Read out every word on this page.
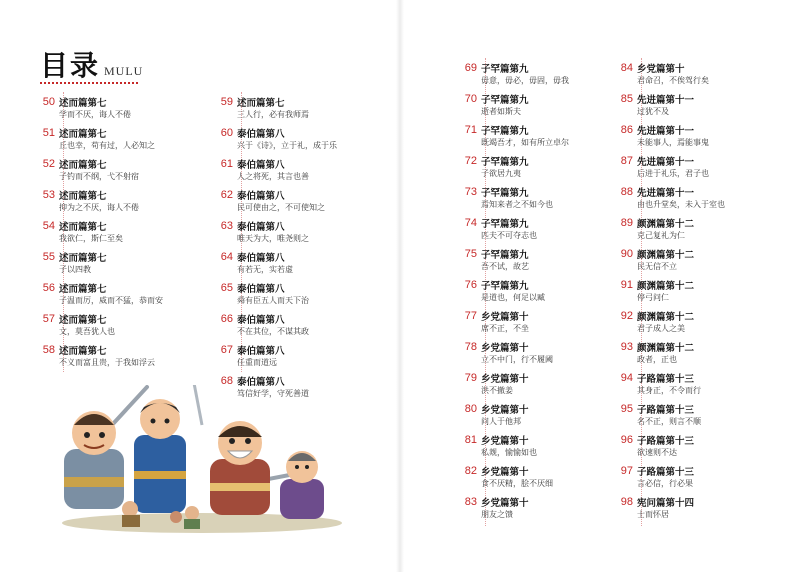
目录 MULU
50 述而篇第七
学而不厌，诲人不倦
51 述而篇第七
丘也幸，苟有过，人必知之
52 述而篇第七
子钓而不纲，弋不射宿
53 述而篇第七
抑为之不厌，诲人不倦
54 述而篇第七
我欲仁，斯仁至矣
55 述而篇第七
子以四教
56 述而篇第七
子温而厉，威而不猛，恭而安
57 述而篇第七
文，莫吾犹人也
58 述而篇第七
不义而富且贵，于我如浮云
59 述而篇第七
三人行，必有我师焉
60 泰伯篇第八
兴于《诗》，立于礼，成于乐
61 泰伯篇第八
人之将死，其言也善
62 泰伯篇第八
民可使由之，不可使知之
63 泰伯篇第八
唯天为大，唯尧则之
64 泰伯篇第八
有若无，实若虚
65 泰伯篇第八
舜有臣五人而天下治
66 泰伯篇第八
不在其位，不谋其政
67 泰伯篇第八
任重而道远
68 泰伯篇第八
笃信好学，守死善道
69 子罕篇第九
毋意，毋必，毋固，毋我
70 子罕篇第九
逝者如斯夫
71 子罕篇第九
既竭吾才，如有所立卓尔
72 子罕篇第九
子欲居九夷
73 子罕篇第九
焉知来者之不如今也
74 子罕篇第九
匹夫不可夺志也
75 子罕篇第九
吾不试，故艺
76 子罕篇第九
是道也，何足以臧
77 乡党篇第十
席不正，不坐
78 乡党篇第十
立不中门，行不履阈
79 乡党篇第十
洪不撤姜
80 乡党篇第十
问人于他邦
81 乡党篇第十
私觌，愉愉如也
82 乡党篇第十
食不厌精，脍不厌细
83 乡党篇第十
朋友之馈
84 乡党篇第十
君命召，不俟驾行矣
85 先进篇第十一
过犹不及
86 先进篇第十一
未能事人，焉能事鬼
87 先进篇第十一
后进于礼乐，君子也
88 先进篇第十一
由也升堂矣，未入于室也
89 颜渊篇第十二
克己复礼为仁
90 颜渊篇第十二
民无信不立
91 颜渊篇第十二
停弓问仁
92 颜渊篇第十二
君子成人之美
93 颜渊篇第十二
政者，正也
94 子路篇第十三
其身正，不令而行
95 子路篇第十三
名不正，则言不顺
96 子路篇第十三
欲速则不达
97 子路篇第十三
言必信，行必果
98 宪问篇第十四
士而怀居
